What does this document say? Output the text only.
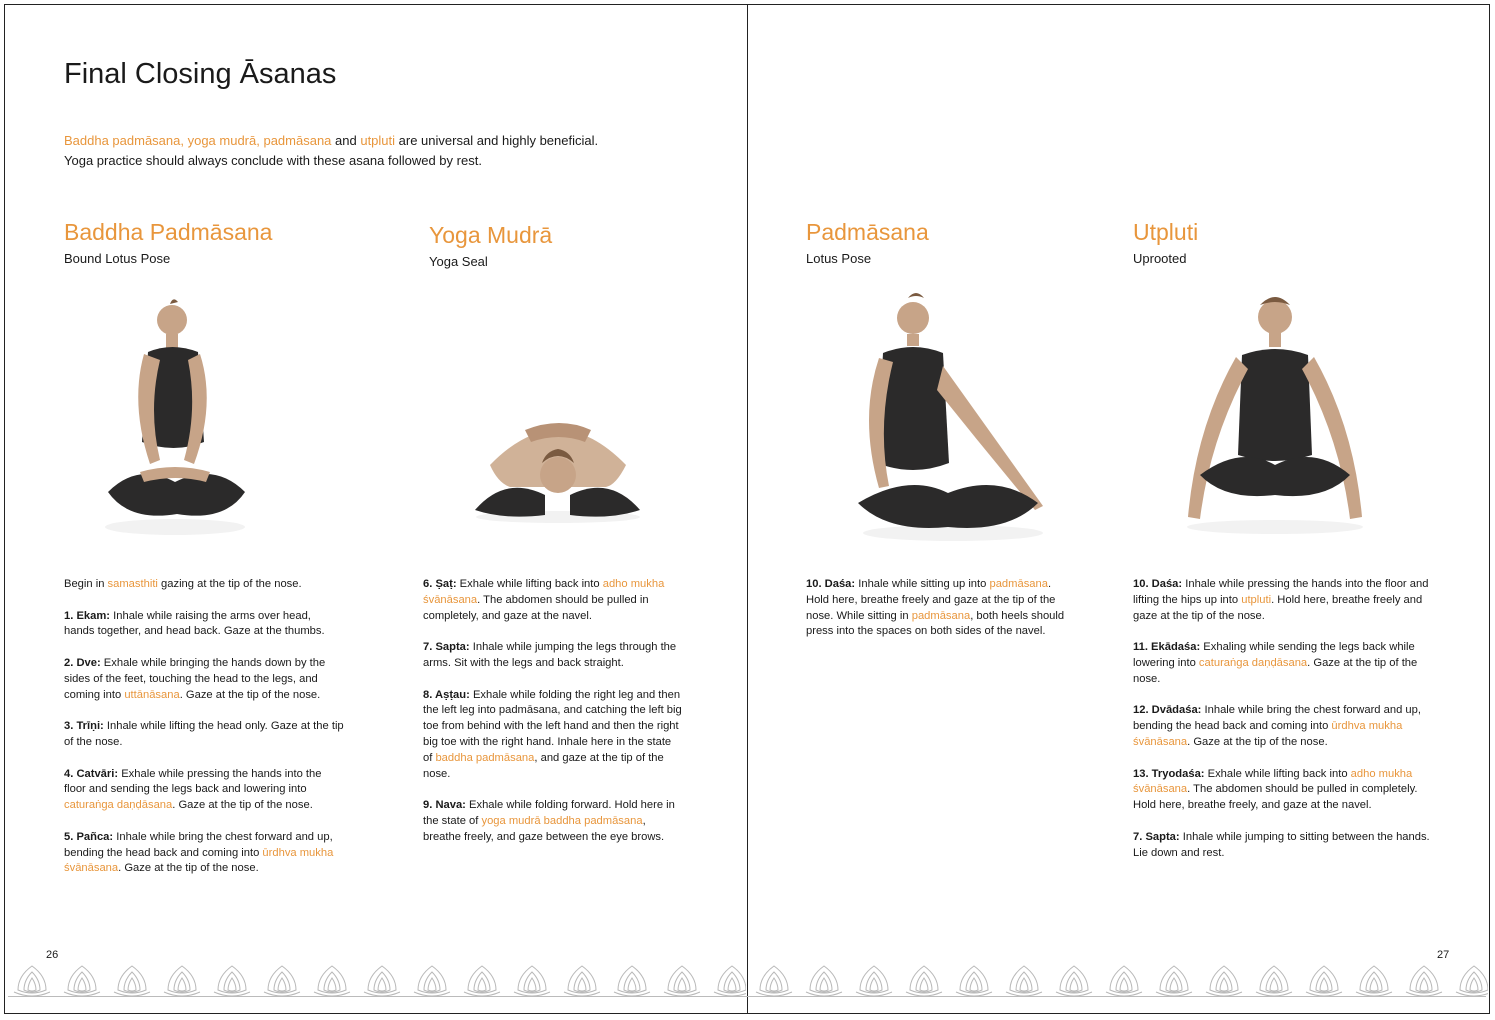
Final Closing Āsanas
Baddha padmāsana, yoga mudrā, padmāsana and utpluti are universal and highly beneficial.
Yoga practice should always conclude with these asana followed by rest.
Baddha Padmāsana
Bound Lotus Pose
Yoga Mudrā
Yoga Seal
Padmāsana
Lotus Pose
Utpluti
Uprooted

Begin in samasthiti gazing at the tip of the nose.

1. Ekam: Inhale while raising the arms over head, hands together, and head back. Gaze at the thumbs.

2. Dve: Exhale while bringing the hands down by the sides of the feet, touching the head to the legs, and coming into uttānāsana. Gaze at the tip of the nose.

3. Trīṇi: Inhale while lifting the head only. Gaze at the tip of the nose.

4. Catvāri: Exhale while pressing the hands into the floor and sending the legs back and lowering into caturaṅga daṇḍāsana. Gaze at the tip of the nose.

5. Pañca: Inhale while bring the chest forward and up, bending the head back and coming into ūrdhva mukha śvānāsana. Gaze at the tip of the nose.

6. Ṣaṭ: Exhale while lifting back into adho mukha śvānāsana. The abdomen should be pulled in completely, and gaze at the navel.

7. Sapta: Inhale while jumping the legs through the arms. Sit with the legs and back straight.

8. Aṣṭau: Exhale while folding the right leg and then the left leg into padmāsana, and catching the left big toe from behind with the left hand and then the right big toe with the right hand. Inhale here in the state of baddha padmāsana, and gaze at the tip of the nose.

9. Nava: Exhale while folding forward. Hold here in the state of yoga mudrā baddha padmāsana, breathe freely, and gaze between the eye brows.

10. Daśa: Inhale while sitting up into padmāsana. Hold here, breathe freely and gaze at the tip of the nose. While sitting in padmāsana, both heels should press into the spaces on both sides of the navel.

10. Daśa: Inhale while pressing the hands into the floor and lifting the hips up into utpluti. Hold here, breathe freely and gaze at the tip of the nose.

11. Ekādaśa: Exhaling while sending the legs back while lowering into caturaṅga daṇḍāsana. Gaze at the tip of the nose.

12. Dvādaśa: Inhale while bring the chest forward and up, bending the head back and coming into ūrdhva mukha śvānāsana. Gaze at the tip of the nose.

13. Tryodaśa: Exhale while lifting back into adho mukha śvānāsana. The abdomen should be pulled in completely. Hold here, breathe freely, and gaze at the navel.

7. Sapta: Inhale while jumping to sitting between the hands. Lie down and rest.

26	27
